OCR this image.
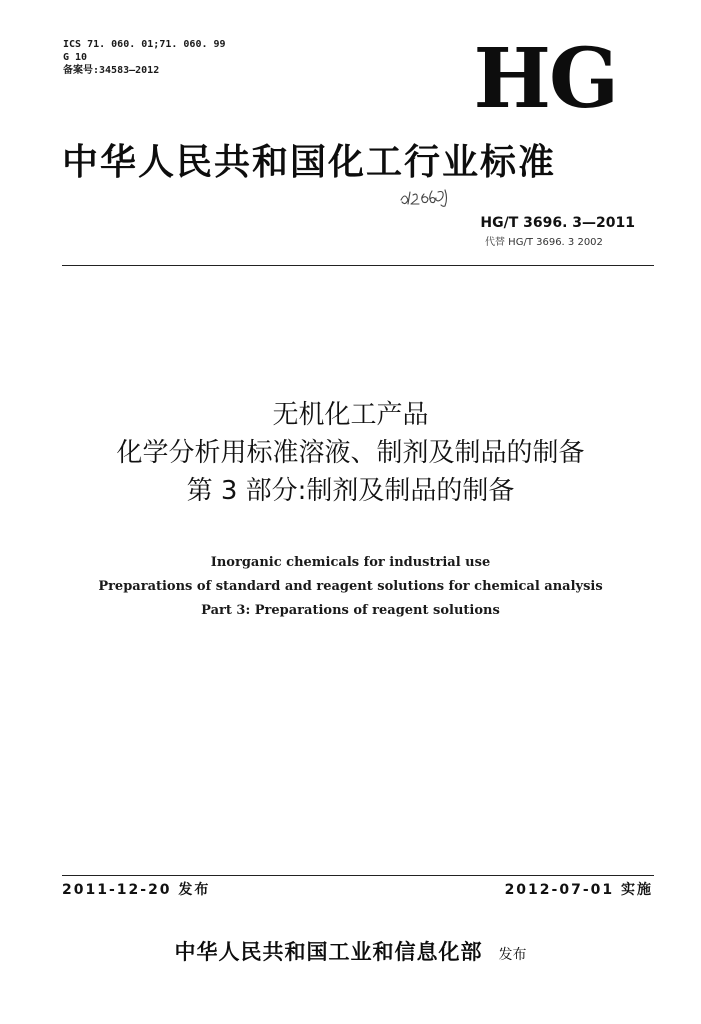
ICS 71. 060. 01;71. 060. 99
G 10
备案号:34583—2012	HG
中华人民共和国化工行业标准
HG/T 3696. 3—2011
代替 HG/T 3696. 3 2002
无机化工产品
化学分析用标准溶液、制剂及制品的制备
第 3 部分:制剂及制品的制备
Inorganic chemicals for industrial use
Preparations of standard and reagent solutions for chemical analysis
Part 3: Preparations of reagent solutions
2011-12-20 发布	2012-07-01 实施
中华人民共和国工业和信息化部 发布
